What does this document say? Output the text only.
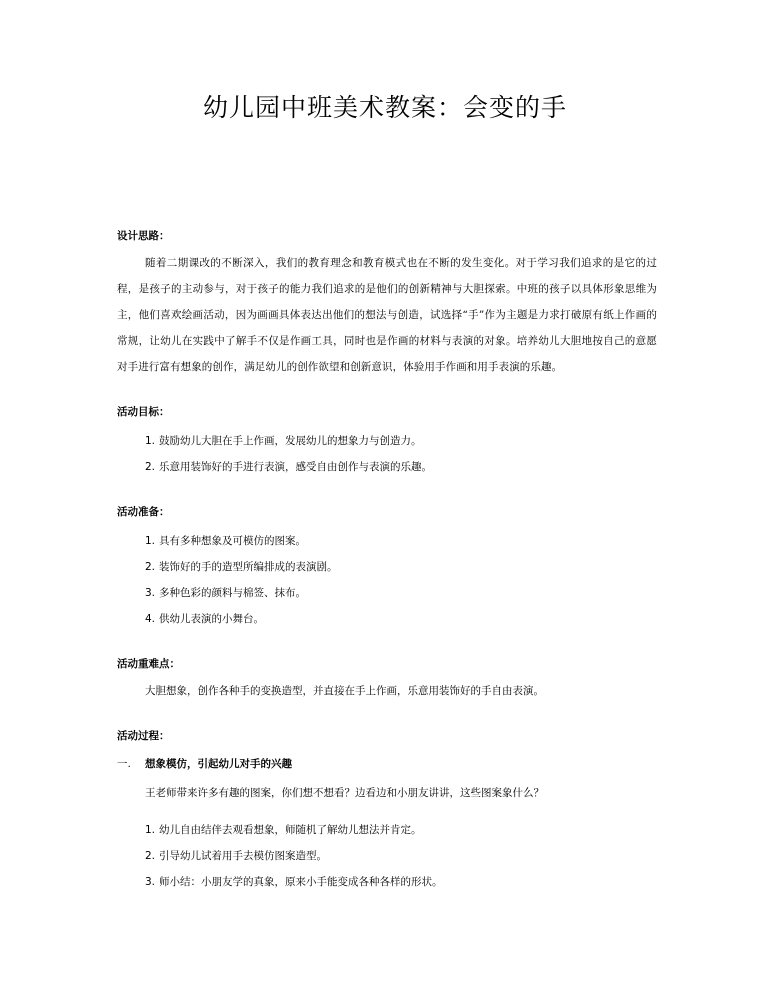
幼儿园中班美术教案：会变的手

设计思路：

随着二期课改的不断深入，我们的教育理念和教育模式也在不断的发生变化。对于学习我们追求的是它的过程，是孩子的主动参与，对于孩子的能力我们追求的是他们的创新精神与大胆探索。中班的孩子以具体形象思维为主，他们喜欢绘画活动，因为画画具体表达出他们的想法与创造，试选择“手”作为主题是力求打破原有纸上作画的常规，让幼儿在实践中了解手不仅是作画工具，同时也是作画的材料与表演的对象。培养幼儿大胆地按自己的意愿对手进行富有想象的创作，满足幼儿的创作欲望和创新意识，体验用手作画和用手表演的乐趣。

活动目标：

1. 鼓励幼儿大胆在手上作画，发展幼儿的想象力与创造力。
2. 乐意用装饰好的手进行表演，感受自由创作与表演的乐趣。

活动准备：

1. 具有多种想象及可模仿的图案。
2. 装饰好的手的造型所编排成的表演剧。
3. 多种色彩的颜料与棉签、抹布。
4. 供幼儿表演的小舞台。

活动重难点：

大胆想象，创作各种手的变换造型，并直接在手上作画，乐意用装饰好的手自由表演。

活动过程：

一. 想象模仿，引起幼儿对手的兴趣

王老师带来许多有趣的图案，你们想不想看？边看边和小朋友讲讲，这些图案象什么？

1. 幼儿自由结伴去观看想象，师随机了解幼儿想法并肯定。
2. 引导幼儿试着用手去模仿图案造型。
3. 师小结：小朋友学的真象，原来小手能变成各种各样的形状。
